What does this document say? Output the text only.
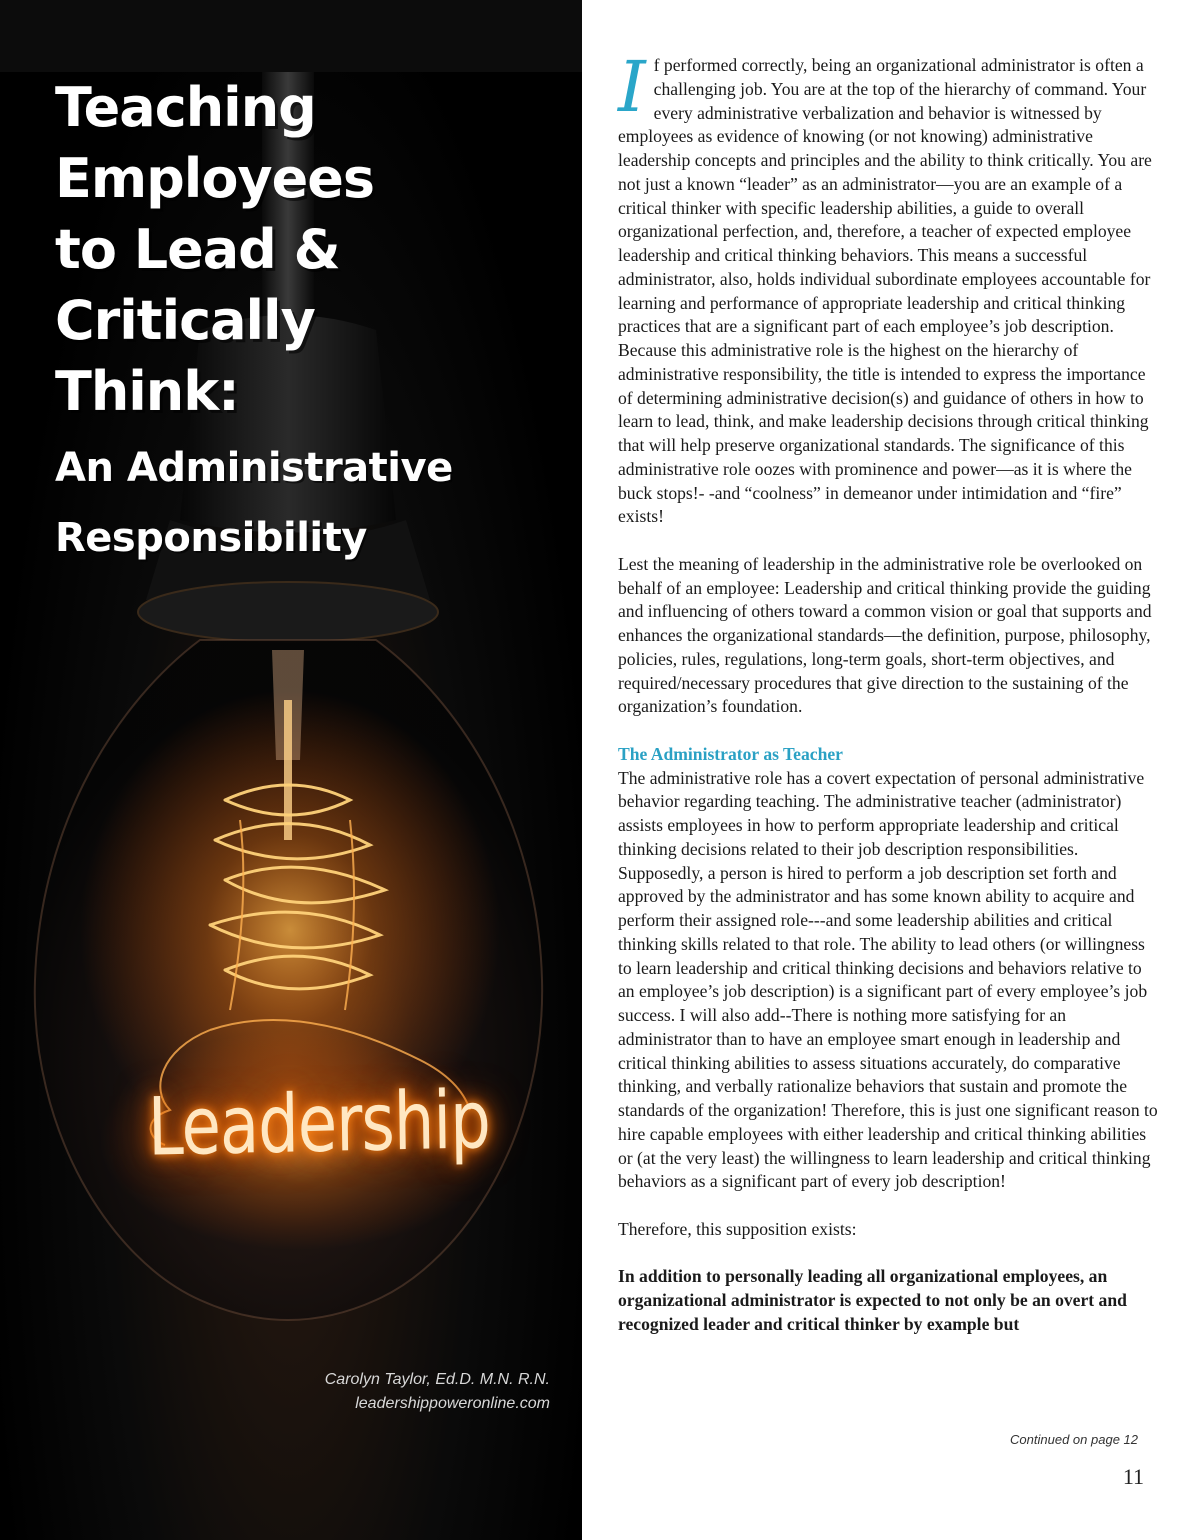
Teaching
Employees
to Lead &
Critically
Think:
An Administrative
Responsibility
Leadership
Carolyn Taylor, Ed.D. M.N. R.N.
leadershippoweronline.com

If performed correctly, being an organizational administrator is often a challenging job. You are at the top of the hierarchy of command. Your every administrative verbalization and behavior is witnessed by employees as evidence of knowing (or not knowing) administrative leadership concepts and principles and the ability to think critically. You are not just a known “leader” as an administrator—you are an example of a critical thinker with specific leadership abilities, a guide to overall organizational perfection, and, therefore, a teacher of expected employee leadership and critical thinking behaviors. This means a successful administrator, also, holds individual subordinate employees accountable for learning and performance of appropriate leadership and critical thinking practices that are a significant part of each employee’s job description. Because this administrative role is the highest on the hierarchy of administrative responsibility, the title is intended to express the importance of determining administrative decision(s) and guidance of others in how to learn to lead, think, and make leadership decisions through critical thinking that will help preserve organizational standards. The significance of this administrative role oozes with prominence and power—as it is where the buck stops!- -and “coolness” in demeanor under intimidation and “fire” exists!

Lest the meaning of leadership in the administrative role be overlooked on behalf of an employee: Leadership and critical thinking provide the guiding and influencing of others toward a common vision or goal that supports and enhances the organizational standards—the definition, purpose, philosophy, policies, rules, regulations, long-term goals, short-term objectives, and required/necessary procedures that give direction to the sustaining of the organization’s foundation.

The Administrator as Teacher

The administrative role has a covert expectation of personal administrative behavior regarding teaching. The administrative teacher (administrator) assists employees in how to perform appropriate leadership and critical thinking decisions related to their job description responsibilities. Supposedly, a person is hired to perform a job description set forth and approved by the administrator and has some known ability to acquire and perform their assigned role---and some leadership abilities and critical thinking skills related to that role. The ability to lead others (or willingness to learn leadership and critical thinking decisions and behaviors relative to an employee’s job description) is a significant part of every employee’s job success. I will also add--There is nothing more satisfying for an administrator than to have an employee smart enough in leadership and critical thinking abilities to assess situations accurately, do comparative thinking, and verbally rationalize behaviors that sustain and promote the standards of the organization! Therefore, this is just one significant reason to hire capable employees with either leadership and critical thinking abilities or (at the very least) the willingness to learn leadership and critical thinking behaviors as a significant part of every job description!

Therefore, this supposition exists:

In addition to personally leading all organizational employees, an organizational administrator is expected to not only be an overt and recognized leader and critical thinker by example but

Continued on page 12
11
